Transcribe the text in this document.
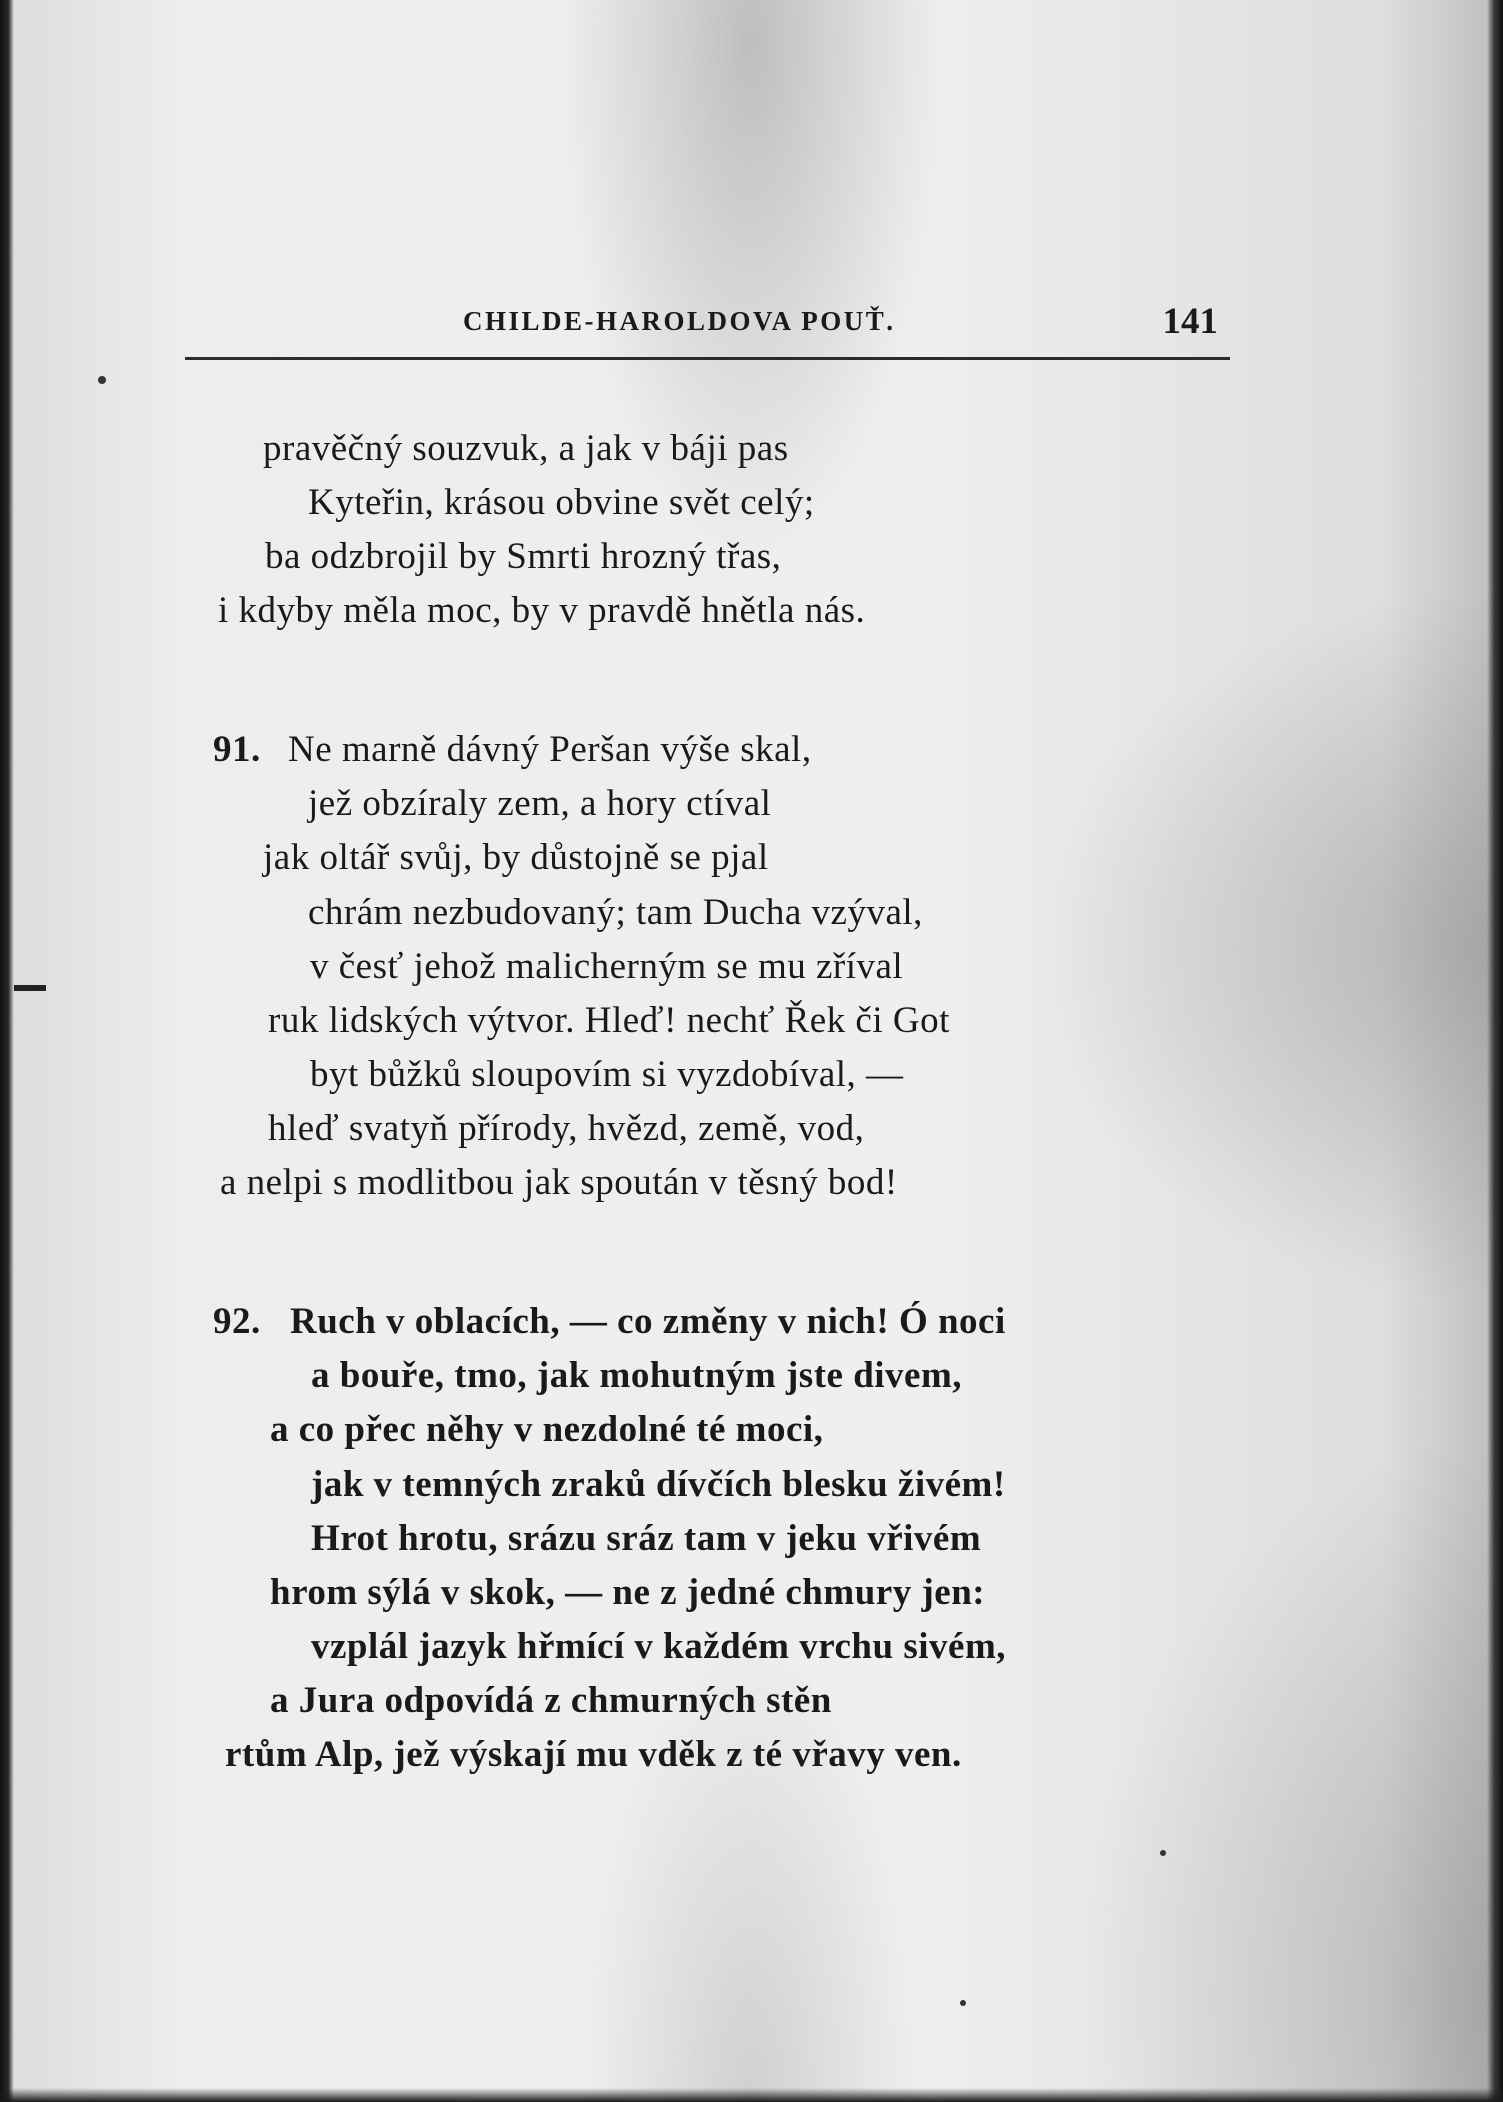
CHILDE-HAROLDOVA POUŤ.	141
pravěčný souzvuk, a jak v báji pas
Kyteřin, krásou obvine svět celý;
ba odzbrojil by Smrti hrozný třas,
i kdyby měla moc, by v pravdě hnětla nás.
91. Ne marně dávný Peršan výše skal,
jež obzíraly zem, a hory ctíval
jak oltář svůj, by důstojně se pjal
chrám nezbudovaný; tam Ducha vzýval,
v česť jehož malicherným se mu zříval
ruk lidských výtvor. Hleď! nechť Řek či Got
byt bůžků sloupovím si vyzdobíval, —
hleď svatyň přírody, hvězd, země, vod,
a nelpi s modlitbou jak spoután v těsný bod!
92. Ruch v oblacích, — co změny v nich! Ó noci
a bouře, tmo, jak mohutným jste divem,
a co přec něhy v nezdolné té moci,
jak v temných zraků dívčích blesku živém!
Hrot hrotu, srázu sráz tam v jeku vřivém
hrom sýlá v skok, — ne z jedné chmury jen:
vzplál jazyk hřmící v každém vrchu sivém,
a Jura odpovídá z chmurných stěn
rtům Alp, jež výskají mu vděk z té vřavy ven.
